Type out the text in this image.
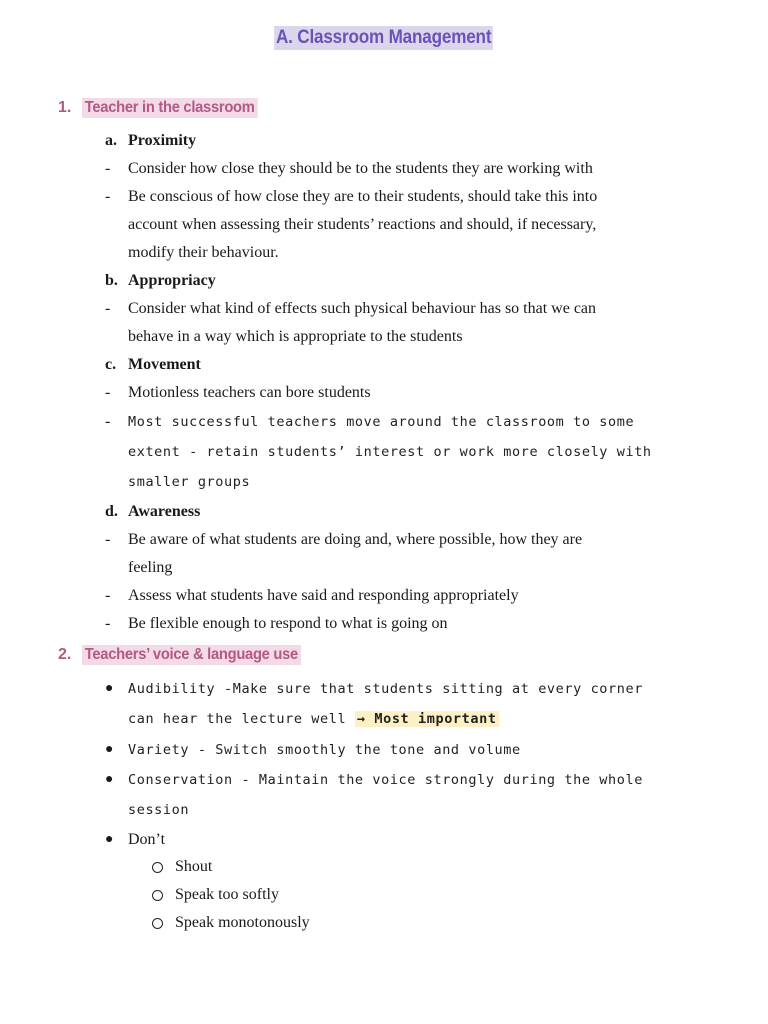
A. Classroom Management
1. Teacher in the classroom
a. Proximity
- Consider how close they should be to the students they are working with
- Be conscious of how close they are to their students, should take this into
account when assessing their students’ reactions and should, if necessary,
modify their behaviour.
b. Appropriacy
- Consider what kind of effects such physical behaviour has so that we can
behave in a way which is appropriate to the students
c. Movement
- Motionless teachers can bore students
- Most successful teachers move around the classroom to some
extent - retain students’ interest or work more closely with
smaller groups
d. Awareness
- Be aware of what students are doing and, where possible, how they are
feeling
- Assess what students have said and responding appropriately
- Be flexible enough to respond to what is going on
2. Teachers’ voice & language use
● Audibility -Make sure that students sitting at every corner
can hear the lecture well → Most important
● Variety - Switch smoothly the tone and volume
● Conservation - Maintain the voice strongly during the whole
session
● Don’t
Shout
Speak too softly
Speak monotonously
